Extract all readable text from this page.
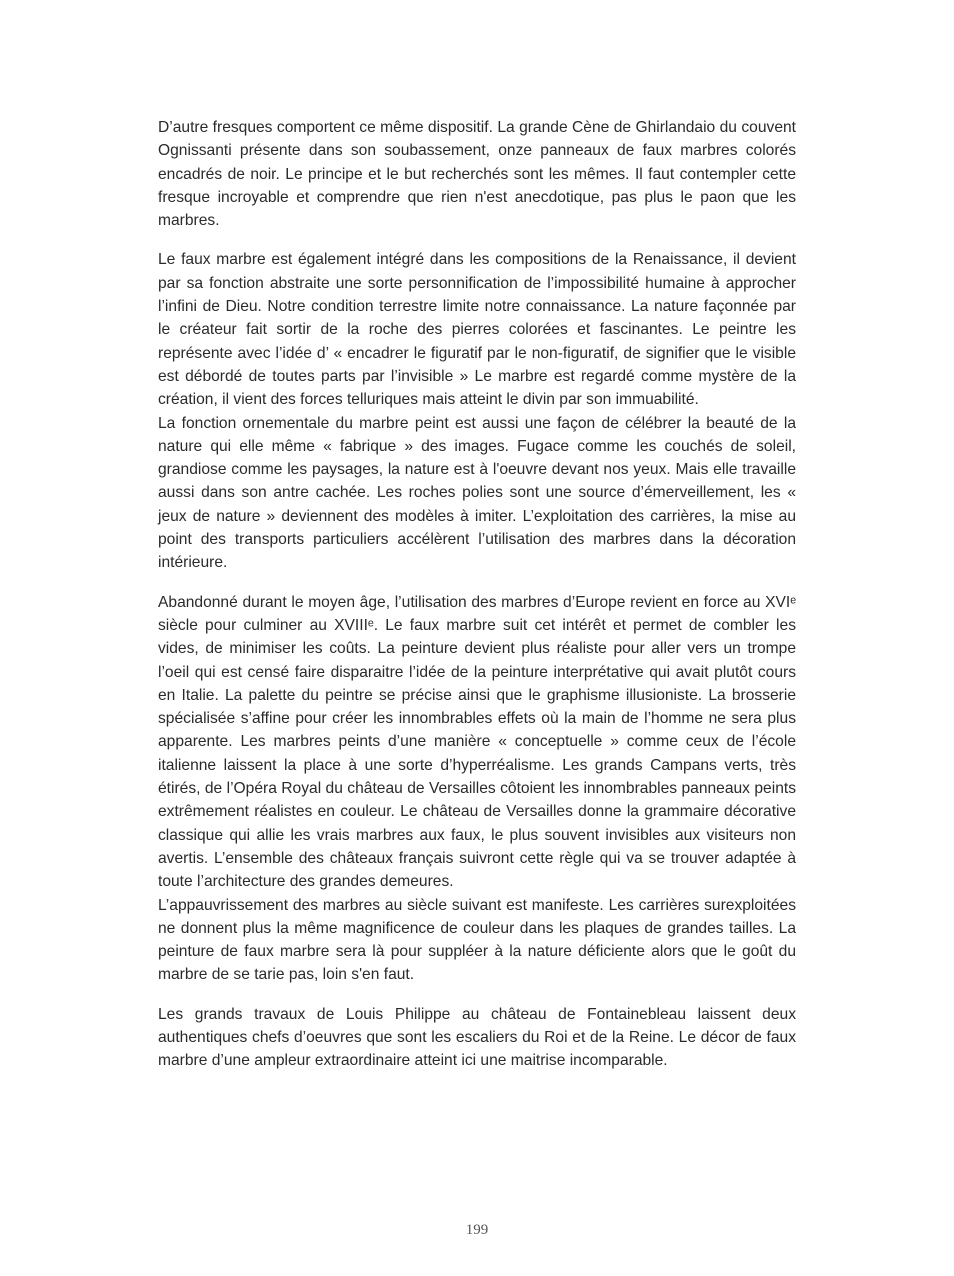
D’autre fresques comportent ce même dispositif. La grande Cène de Ghirlandaio du couvent Ognissanti présente dans son soubassement, onze panneaux de faux marbres colorés encadrés de noir. Le principe et le but recherchés sont les mêmes. Il faut contempler cette fresque incroyable et comprendre que rien n'est anecdotique, pas plus le paon que les marbres.

Le faux marbre est également intégré dans les compositions de la Renaissance, il devient par sa fonction abstraite une sorte personnification de l’impossibilité humaine à approcher l’infini de Dieu. Notre condition terrestre limite notre connaissance. La nature façonnée par le créateur fait sortir de la roche des pierres colorées et fascinantes. Le peintre les représente avec l’idée d’ « encadrer le figuratif par le non-figuratif, de signifier que le visible est débordé de toutes parts par l’invisible » Le marbre est regardé comme mystère de la création, il vient des forces telluriques mais atteint le divin par son immuabilité.

La fonction ornementale du marbre peint est aussi une façon de célébrer la beauté de la nature qui elle même « fabrique » des images. Fugace comme les couchés de soleil, grandiose comme les paysages, la nature est à l'oeuvre devant nos yeux. Mais elle travaille aussi dans son antre cachée. Les roches polies sont une source d’émerveillement, les « jeux de nature » deviennent des modèles à imiter. L’exploitation des carrières, la mise au point des transports particuliers accélèrent l’utilisation des marbres dans la décoration intérieure.

Abandonné durant le moyen âge, l’utilisation des marbres d’Europe revient en force au XVIᵉ siècle pour culminer au XVIIIᵉ. Le faux marbre suit cet intérêt et permet de combler les vides, de minimiser les coûts. La peinture devient plus réaliste pour aller vers un trompe l’oeil qui est censé faire disparaitre l’idée de la peinture interprétative qui avait plutôt cours en Italie. La palette du peintre se précise ainsi que le graphisme illusioniste. La brosserie spécialisée s’affine pour créer les innombrables effets où la main de l’homme ne sera plus apparente. Les marbres peints d’une manière « conceptuelle » comme ceux de l’école italienne laissent la place à une sorte d’hyperréalisme. Les grands Campans verts, très étirés, de l’Opéra Royal du château de Versailles côtoient les innombrables panneaux peints extrêmement réalistes en couleur. Le château de Versailles donne la grammaire décorative classique qui allie les vrais marbres aux faux, le plus souvent invisibles aux visiteurs non avertis. L’ensemble des châteaux français suivront cette règle qui va se trouver adaptée à toute l’architecture des grandes demeures.

L’appauvrissement des marbres au siècle suivant est manifeste. Les carrières surexploitées ne donnent plus la même magnificence de couleur dans les plaques de grandes tailles. La peinture de faux marbre sera là pour suppléer à la nature déficiente alors que le goût du marbre de se tarie pas, loin s'en faut.

Les grands travaux de Louis Philippe au château de Fontainebleau laissent deux authentiques chefs d’oeuvres que sont les escaliers du Roi et de la Reine. Le décor de faux marbre d’une ampleur extraordinaire atteint ici une maitrise incomparable.

199
